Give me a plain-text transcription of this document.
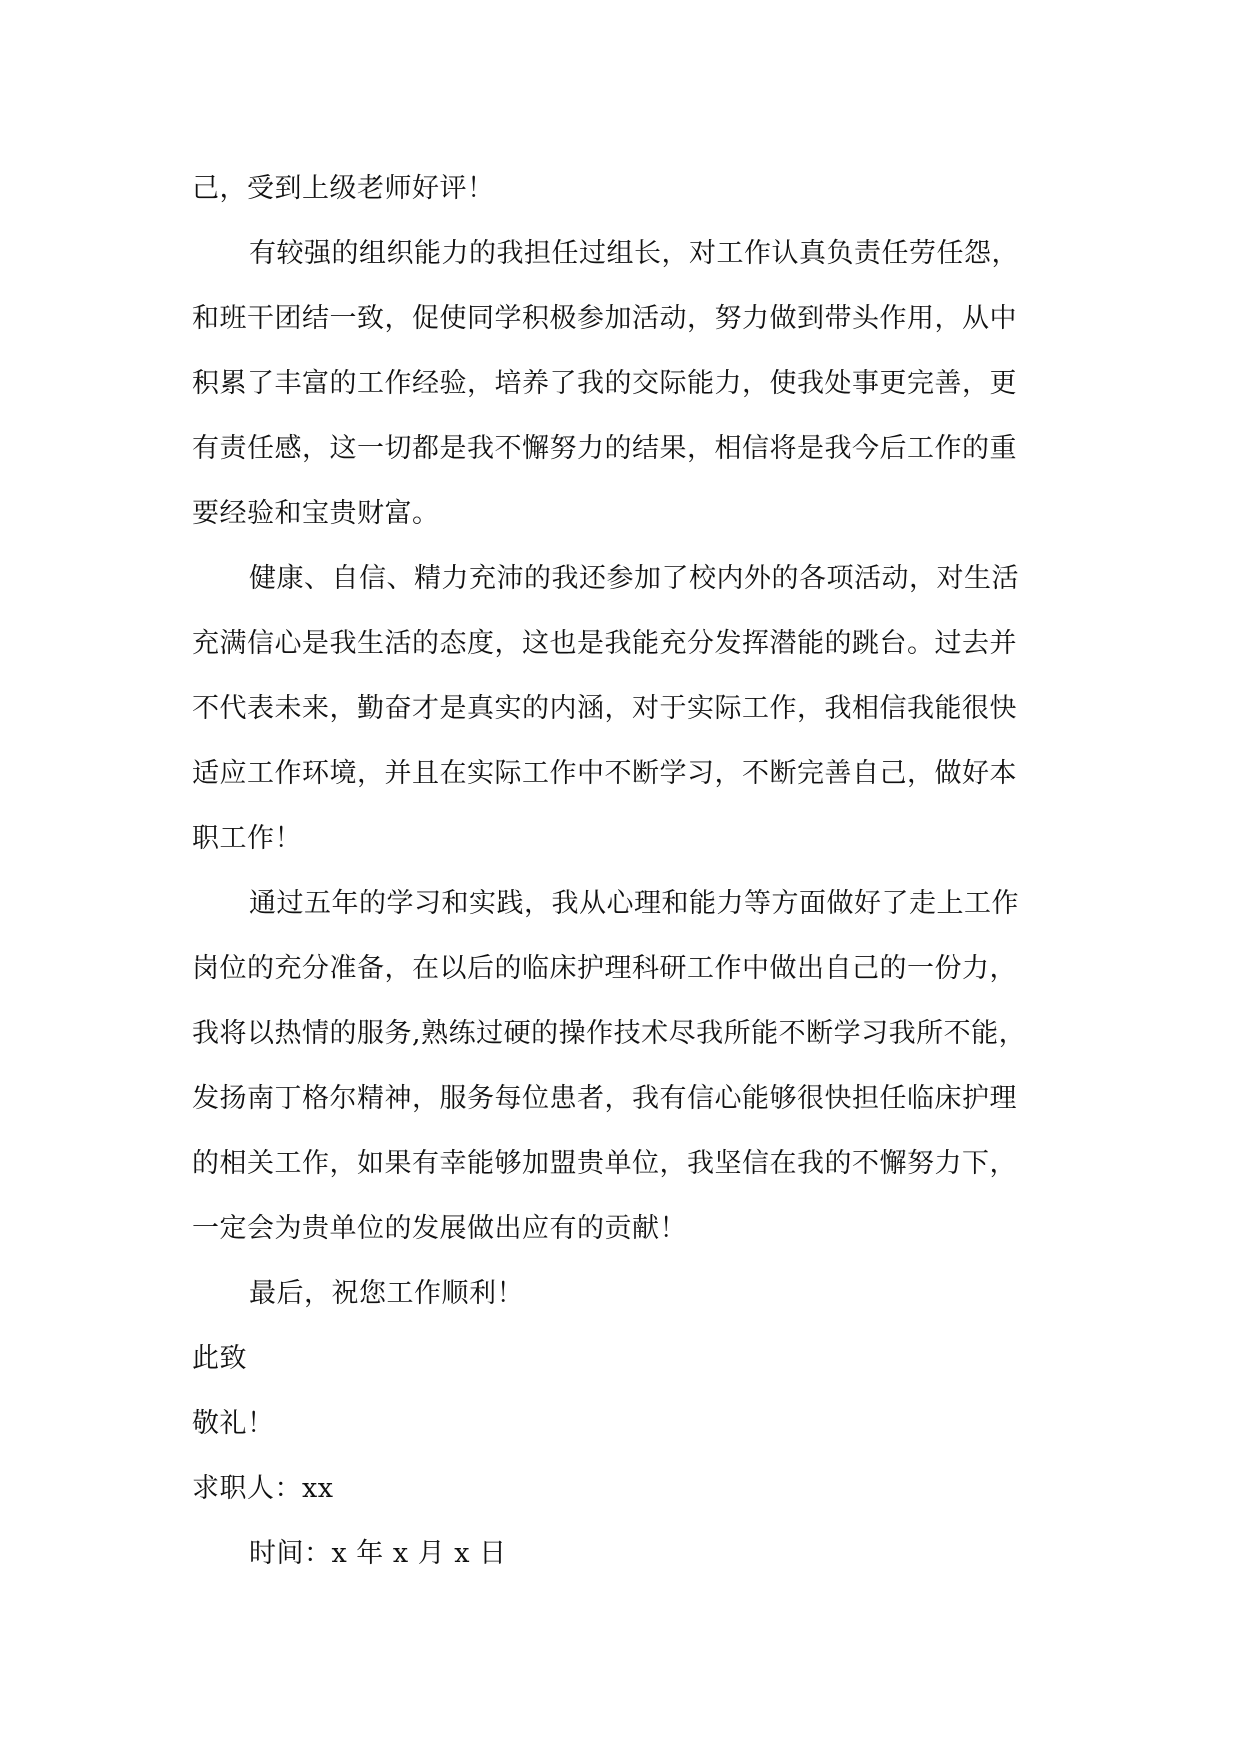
己，受到上级老师好评！
有较强的组织能力的我担任过组长，对工作认真负责任劳任怨，
和班干团结一致，促使同学积极参加活动，努力做到带头作用，从中
积累了丰富的工作经验，培养了我的交际能力，使我处事更完善，更
有责任感，这一切都是我不懈努力的结果，相信将是我今后工作的重
要经验和宝贵财富。
健康、自信、精力充沛的我还参加了校内外的各项活动，对生活
充满信心是我生活的态度，这也是我能充分发挥潜能的跳台。过去并
不代表未来，勤奋才是真实的内涵，对于实际工作，我相信我能很快
适应工作环境，并且在实际工作中不断学习，不断完善自己，做好本
职工作！
通过五年的学习和实践，我从心理和能力等方面做好了走上工作
岗位的充分准备，在以后的临床护理科研工作中做出自己的一份力，
我将以热情的服务,熟练过硬的操作技术尽我所能不断学习我所不能，
发扬南丁格尔精神，服务每位患者，我有信心能够很快担任临床护理
的相关工作，如果有幸能够加盟贵单位，我坚信在我的不懈努力下，
一定会为贵单位的发展做出应有的贡献！
最后，祝您工作顺利！
此致
敬礼！
求职人：xx
时间：x 年 x 月 x 日
